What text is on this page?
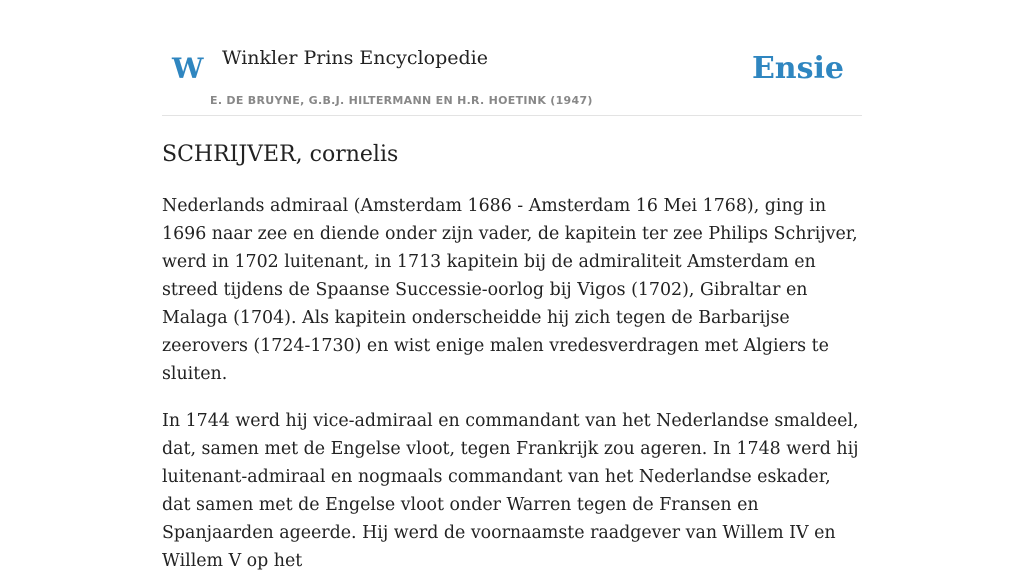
W Winkler Prins Encyclopedie
E. DE BRUYNE, G.B.J. HILTERMANN EN H.R. HOETINK (1947)
Ensie
SCHRIJVER, cornelis

Nederlands admiraal (Amsterdam 1686 - Amsterdam 16 Mei 1768), ging in 1696 naar zee en diende onder zijn vader, de kapitein ter zee Philips Schrijver, werd in 1702 luitenant, in 1713 kapitein bij de admiraliteit Amsterdam en streed tijdens de Spaanse Successie-oorlog bij Vigos (1702), Gibraltar en Malaga (1704). Als kapitein onderscheidde hij zich tegen de Barbarijse zeerovers (1724-1730) en wist enige malen vredesverdragen met Algiers te sluiten.

In 1744 werd hij vice-admiraal en commandant van het Nederlandse smaldeel, dat, samen met de Engelse vloot, tegen Frankrijk zou ageren. In 1748 werd hij luitenant-admiraal en nogmaals commandant van het Nederlandse eskader, dat samen met de Engelse vloot onder Warren tegen de Fransen en Spanjaarden ageerde. Hij werd de voornaamste raadgever van Willem IV en Willem V op het
